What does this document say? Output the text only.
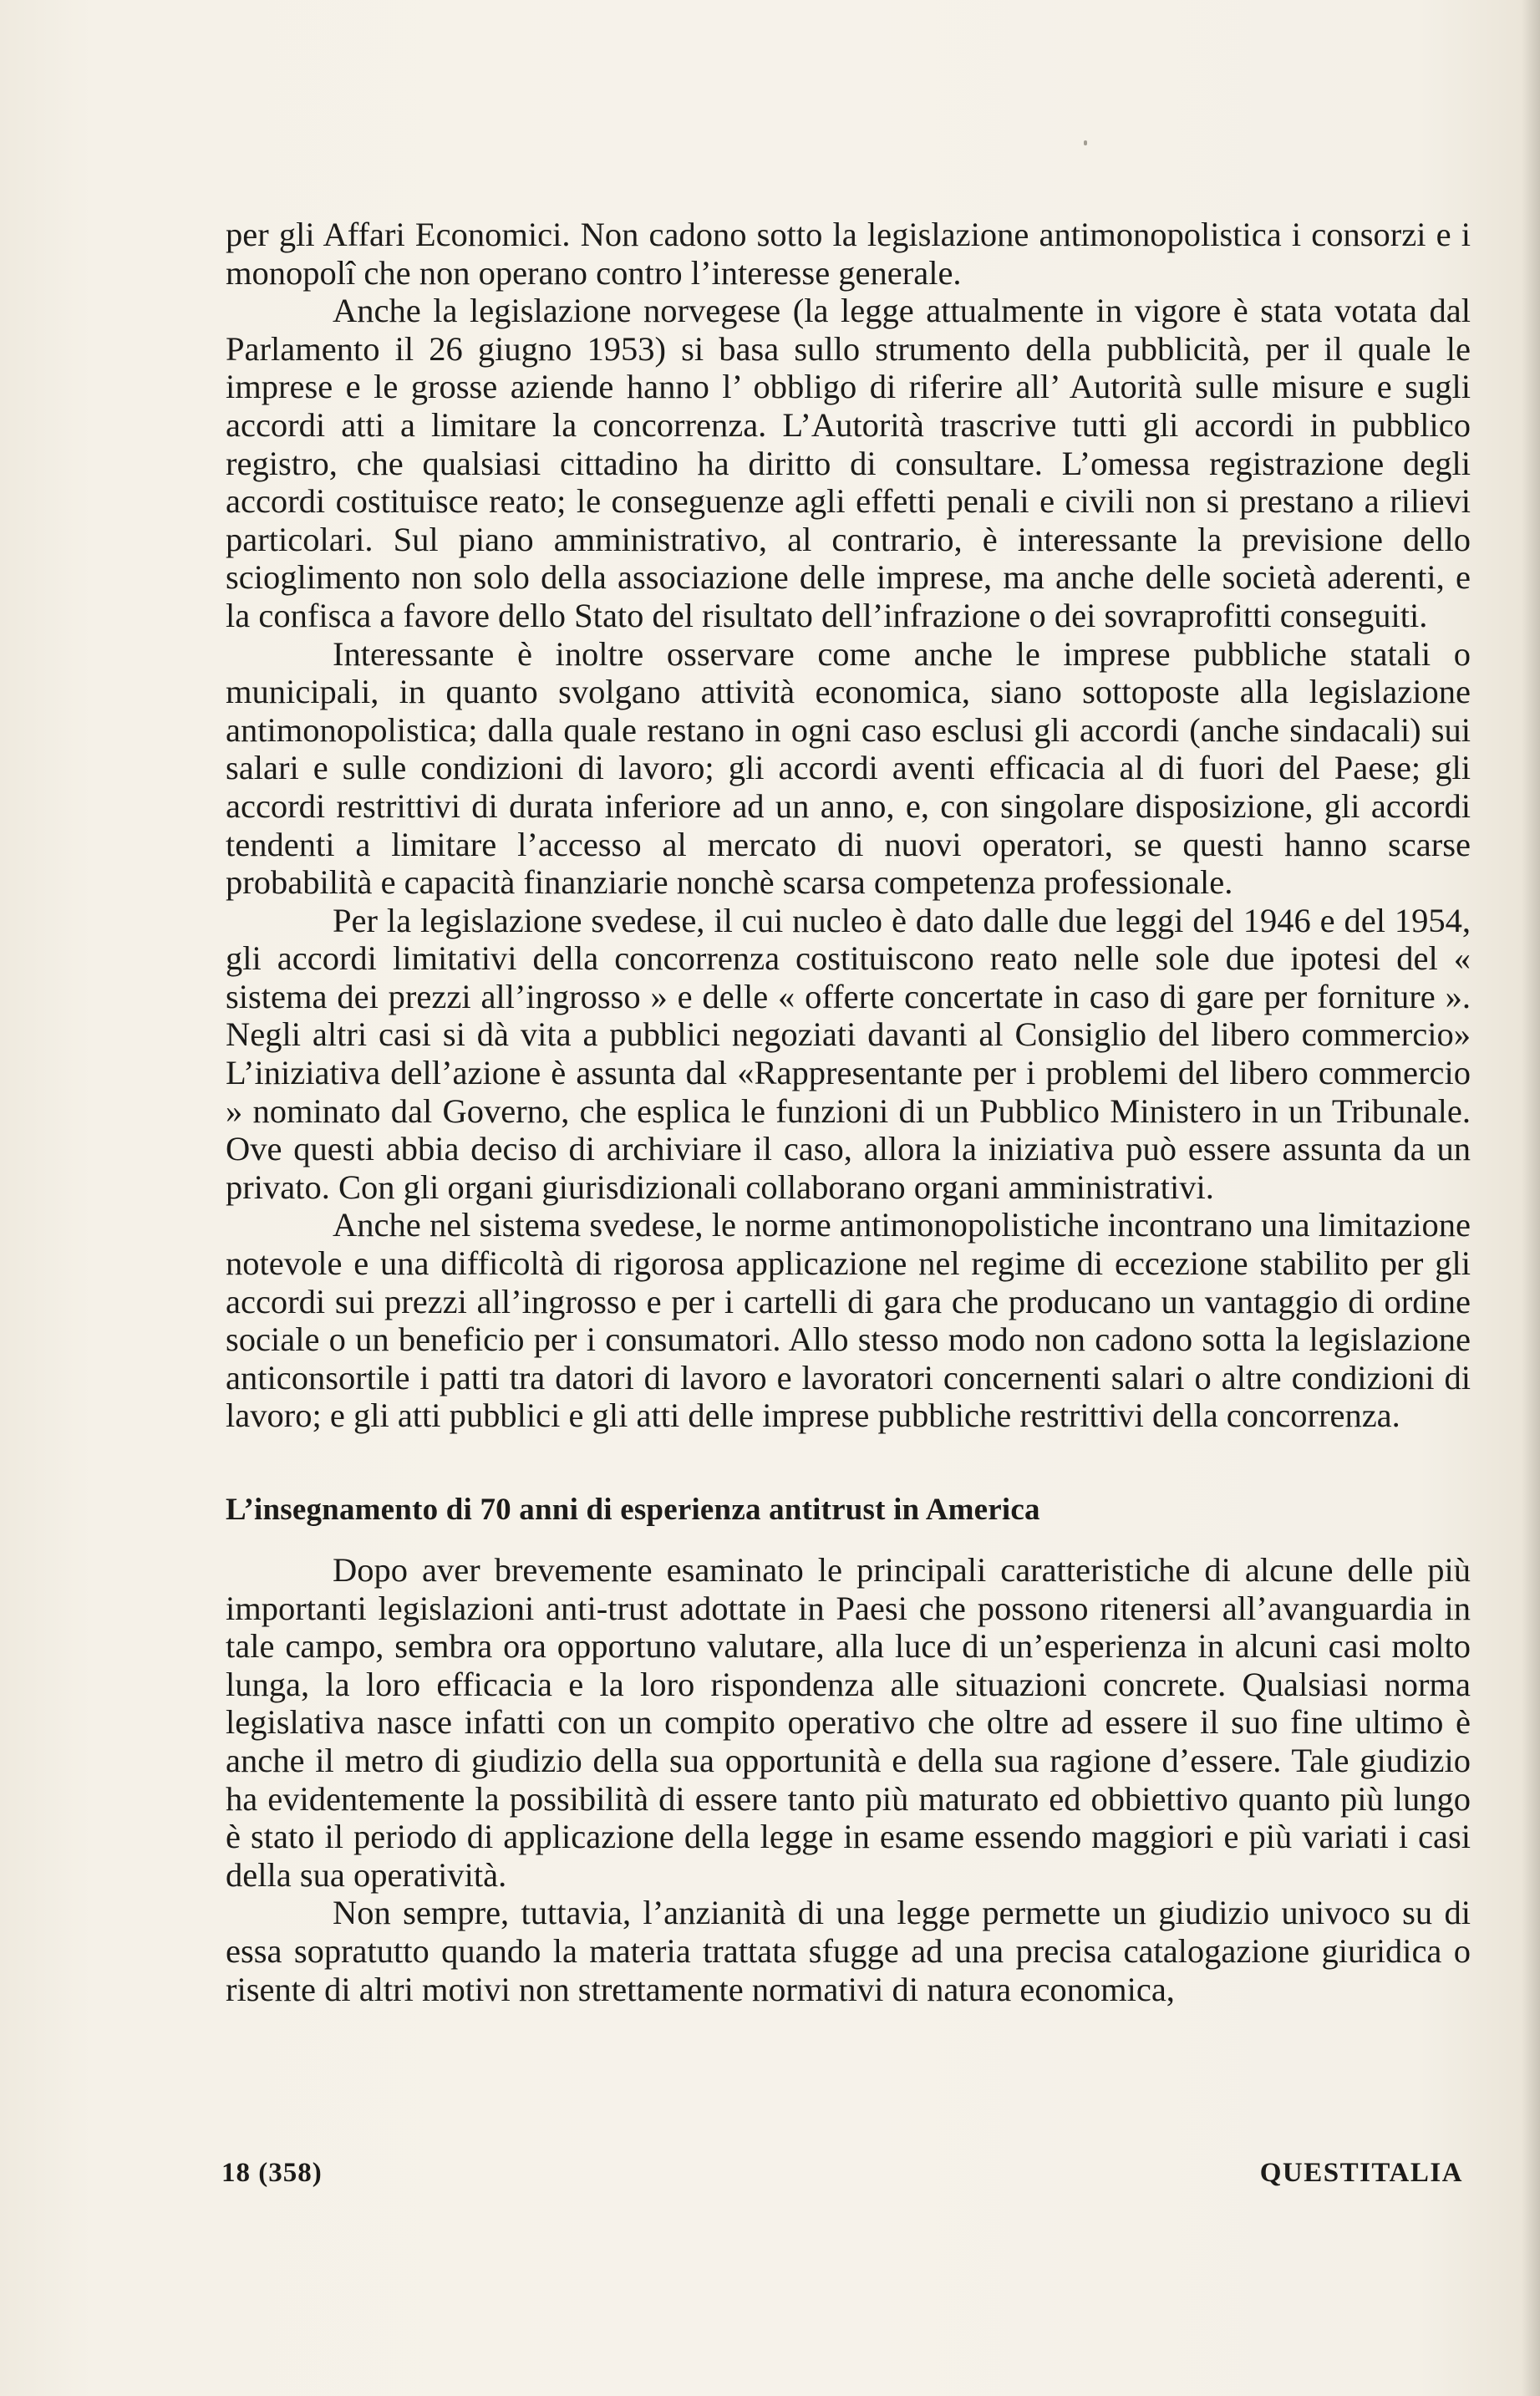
per gli Affari Economici. Non cadono sotto la legislazione antimonopolistica i consorzi e i monopolî che non operano contro l’interesse generale.

Anche la legislazione norvegese (la legge attualmente in vigore è stata votata dal Parlamento il 26 giugno 1953) si basa sullo strumento della pubblicità, per il quale le imprese e le grosse aziende hanno l’ obbligo di riferire all’ Autorità sulle misure e sugli accordi atti a limitare la concorrenza. L’Autorità trascrive tutti gli accordi in pubblico registro, che qualsiasi cittadino ha diritto di consultare. L’omessa registrazione degli accordi costituisce reato; le conseguenze agli effetti penali e civili non si prestano a rilievi particolari. Sul piano amministrativo, al contrario, è interessante la previsione dello scioglimento non solo della associazione delle imprese, ma anche delle società aderenti, e la confisca a favore dello Stato del risultato dell’infrazione o dei sovraprofitti conseguiti.

Interessante è inoltre osservare come anche le imprese pubbliche statali o municipali, in quanto svolgano attività economica, siano sottoposte alla legislazione antimonopolistica; dalla quale restano in ogni caso esclusi gli accordi (anche sindacali) sui salari e sulle condizioni di lavoro; gli accordi aventi efficacia al di fuori del Paese; gli accordi restrittivi di durata inferiore ad un anno, e, con singolare disposizione, gli accordi tendenti a limitare l’accesso al mercato di nuovi operatori, se questi hanno scarse probabilità e capacità finanziarie nonchè scarsa competenza professionale.

Per la legislazione svedese, il cui nucleo è dato dalle due leggi del 1946 e del 1954, gli accordi limitativi della concorrenza costituiscono reato nelle sole due ipotesi del « sistema dei prezzi all’ingrosso » e delle « offerte concertate in caso di gare per forniture ». Negli altri casi si dà vita a pubblici negoziati davanti al Consiglio del libero commercio» L’iniziativa dell’azione è assunta dal «Rappresentante per i problemi del libero commercio » nominato dal Governo, che esplica le funzioni di un Pubblico Ministero in un Tribunale. Ove questi abbia deciso di archiviare il caso, allora la iniziativa può essere assunta da un privato. Con gli organi giurisdizionali collaborano organi amministrativi.

Anche nel sistema svedese, le norme antimonopolistiche incontrano una limitazione notevole e una difficoltà di rigorosa applicazione nel regime di eccezione stabilito per gli accordi sui prezzi all’ingrosso e per i cartelli di gara che producano un vantaggio di ordine sociale o un beneficio per i consumatori. Allo stesso modo non cadono sotta la legislazione anticonsortile i patti tra datori di lavoro e lavoratori concernenti salari o altre condizioni di lavoro; e gli atti pubblici e gli atti delle imprese pubbliche restrittivi della concorrenza.

L’insegnamento di 70 anni di esperienza antitrust in America

Dopo aver brevemente esaminato le principali caratteristiche di alcune delle più importanti legislazioni anti-trust adottate in Paesi che possono ritenersi all’avanguardia in tale campo, sembra ora opportuno valutare, alla luce di un’esperienza in alcuni casi molto lunga, la loro efficacia e la loro rispondenza alle situazioni concrete. Qualsiasi norma legislativa nasce infatti con un compito operativo che oltre ad essere il suo fine ultimo è anche il metro di giudizio della sua opportunità e della sua ragione d’essere. Tale giudizio ha evidentemente la possibilità di essere tanto più maturato ed obbiettivo quanto più lungo è stato il periodo di applicazione della legge in esame essendo maggiori e più variati i casi della sua operatività.

Non sempre, tuttavia, l’anzianità di una legge permette un giudizio univoco su di essa sopratutto quando la materia trattata sfugge ad una precisa catalogazione giuridica o risente di altri motivi non strettamente normativi di natura economica,

18 (358)	QUESTITALIA
